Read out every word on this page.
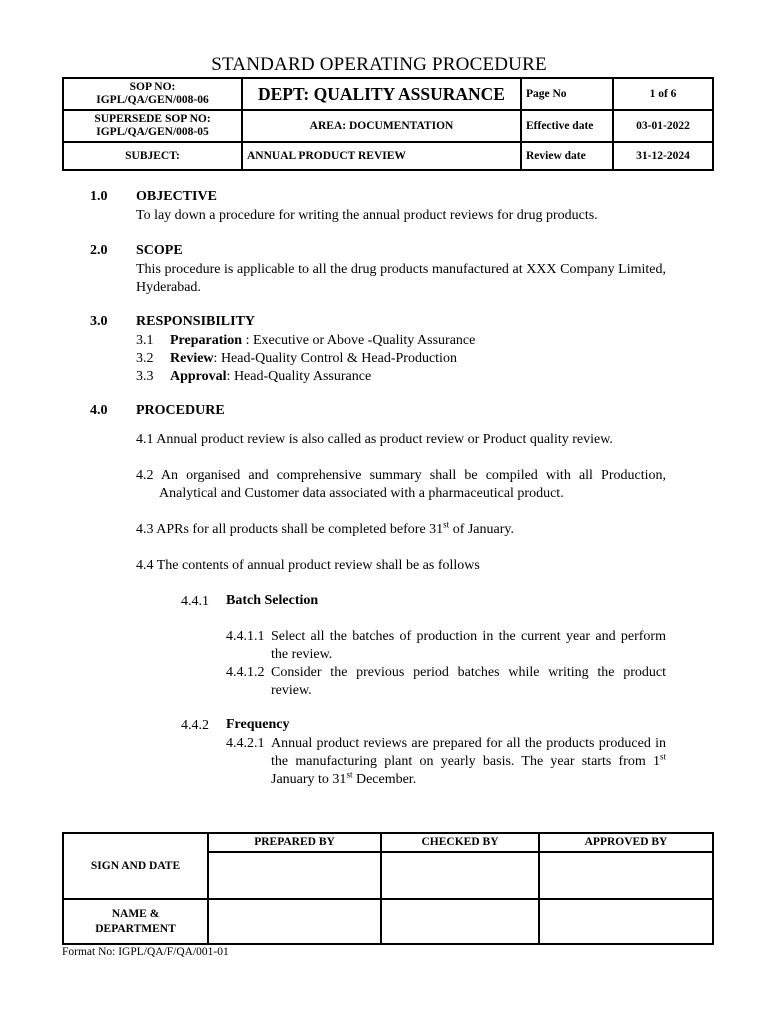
STANDARD OPERATING PROCEDURE
SOP NO:
IGPL/QA/GEN/008-06	DEPT: QUALITY ASSURANCE	Page No	1 of 6

SUPERSEDE SOP NO:
IGPL/QA/GEN/008-05	AREA: DOCUMENTATION	Effective date	03-01-2022
SUBJECT:	ANNUAL PRODUCT REVIEW	Review date	31-12-2024
1.0 OBJECTIVE
To lay down a procedure for writing the annual product reviews for drug products.
2.0 SCOPE
This procedure is applicable to all the drug products manufactured at XXX Company Limited, Hyderabad.
3.0 RESPONSIBILITY
3.1 Preparation : Executive or Above -Quality Assurance
3.2 Review: Head-Quality Control & Head-Production
3.3 Approval: Head-Quality Assurance
4.0 PROCEDURE
4.1 Annual product review is also called as product review or Product quality review.
4.2 An organised and comprehensive summary shall be compiled with all Production,
Analytical and Customer data associated with a pharmaceutical product.
4.3 APRs for all products shall be completed before 31st of January.
4.4 The contents of annual product review shall be as follows
4.4.1 Batch Selection
4.4.1.1 Select all the batches of production in the current year and perform the review.
4.4.1.2 Consider the previous period batches while writing the product review.
4.4.2 Frequency
4.4.2.1 Annual product reviews are prepared for all the products produced in the manufacturing plant on yearly basis. The year starts from 1st January to 31st December.
SIGN AND DATE	PREPARED BY	CHECKED BY	APPROVED BY

NAME &
DEPARTMENT			

Format No: IGPL/QA/F/QA/001-01
